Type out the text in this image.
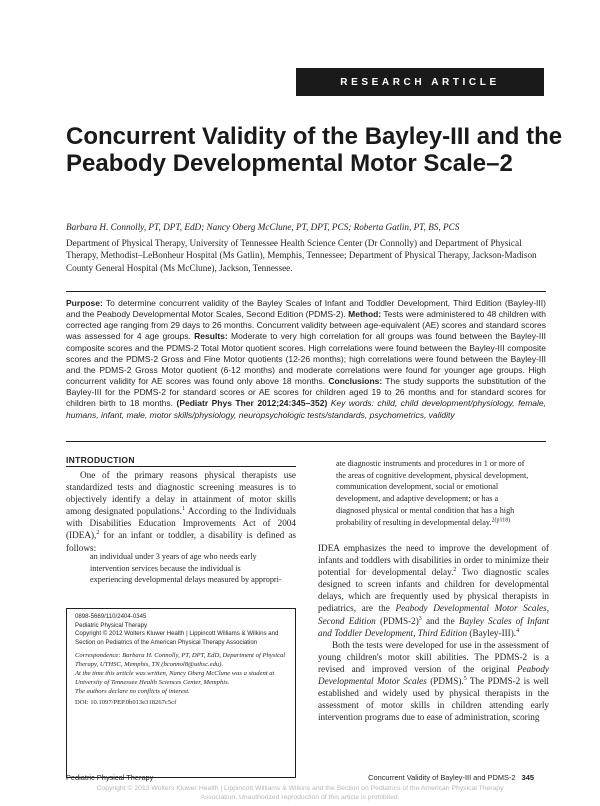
RESEARCH ARTICLE
Concurrent Validity of the Bayley-III and the Peabody Developmental Motor Scale–2
Barbara H. Connolly, PT, DPT, EdD; Nancy Oberg McClune, PT, DPT, PCS; Roberta Gatlin, PT, BS, PCS
Department of Physical Therapy, University of Tennessee Health Science Center (Dr Connolly) and Department of Physical Therapy, Methodist–LeBonheur Hospital (Ms Gatlin), Memphis, Tennessee; Department of Physical Therapy, Jackson-Madison County General Hospital (Ms McClune), Jackson, Tennessee.

Purpose: To determine concurrent validity of the Bayley Scales of Infant and Toddler Development, Third Edition (Bayley-III) and the Peabody Developmental Motor Scales, Second Edition (PDMS-2). Method: Tests were administered to 48 children with corrected age ranging from 29 days to 26 months. Concurrent validity between age-equivalent (AE) scores and standard scores was assessed for 4 age groups. Results: Moderate to very high correlation for all groups was found between the Bayley-III composite scores and the PDMS-2 Total Motor quotient scores. High correlations were found between the Bayley-III composite scores and the PDMS-2 Gross and Fine Motor quotients (12-26 months); high correlations were found between the Bayley-III and the PDMS-2 Gross Motor quotient (6-12 months) and moderate correlations were found for younger age groups. High concurrent validity for AE scores was found only above 18 months. Conclusions: The study supports the substitution of the Bayley-III for the PDMS-2 for standard scores or AE scores for children aged 19 to 26 months and for standard scores for children birth to 18 months. (Pediatr Phys Ther 2012;24:345–352) Key words: child, child development/physiology, female, humans, infant, male, motor skills/physiology, neuropsychologic tests/standards, psychometrics, validity

INTRODUCTION

One of the primary reasons physical therapists use standardized tests and diagnostic screening measures is to objectively identify a delay in attainment of motor skills among designated populations.$^1$ According to the Individuals with Disabilities Education Improvements Act of 2004 (IDEA),$^2$ for an infant or toddler, a disability is defined as follows:

an individual under 3 years of age who needs early intervention services because the individual is experiencing developmental delays measured by appropri-
ate diagnostic instruments and procedures in 1 or more of the areas of cognitive development, physical development, communication development, social or emotional development, and adaptive development; or has a diagnosed physical or mental condition that has a high probability of resulting in developmental delay.$^{2(p118)}$
0898-5669/110/2404-0345
Pediatric Physical Therapy
Copyright © 2012 Wolters Kluwer Health | Lippincott Williams & Wilkins and Section on Pediatrics of the American Physical Therapy Association
Correspondence: Barbara H. Connolly, PT, DPT, EdD, Department of Physical Therapy, UTHSC, Memphis, TN (bconnol8@uthsc.edu).
At the time this article was written, Nancy Oberg McClune was a student at University of Tennessee Health Sciences Center, Memphis.
The authors declare no conflicts of interest.
DOI: 10.1097/PEP.0b013e318267c5cf

IDEA emphasizes the need to improve the development of infants and toddlers with disabilities in order to minimize their potential for developmental delay.$^2$ Two diagnostic scales designed to screen infants and children for developmental delays, which are frequently used by physical therapists in pediatrics, are the Peabody Developmental Motor Scales, Second Edition (PDMS-2)$^3$ and the Bayley Scales of Infant and Toddler Development, Third Edition (Bayley-III).$^4$

Both the tests were developed for use in the assessment of young children's motor skill abilities. The PDMS-2 is a revised and improved version of the original Peabody Developmental Motor Scales (PDMS).$^5$ The PDMS-2 is well established and widely used by physical therapists in the assessment of motor skills in children attending early intervention programs due to ease of administration, scoring

Pediatric Physical Therapy	Concurrent Validity of Bayley-III and PDMS-2 345
Copyright © 2012 Wolters Kluwer Health | Lippincott Williams & Wilkins and the Section on Pediatrics of the American Physical Therapy
Association. Unauthorized reproduction of this article is prohibited.
